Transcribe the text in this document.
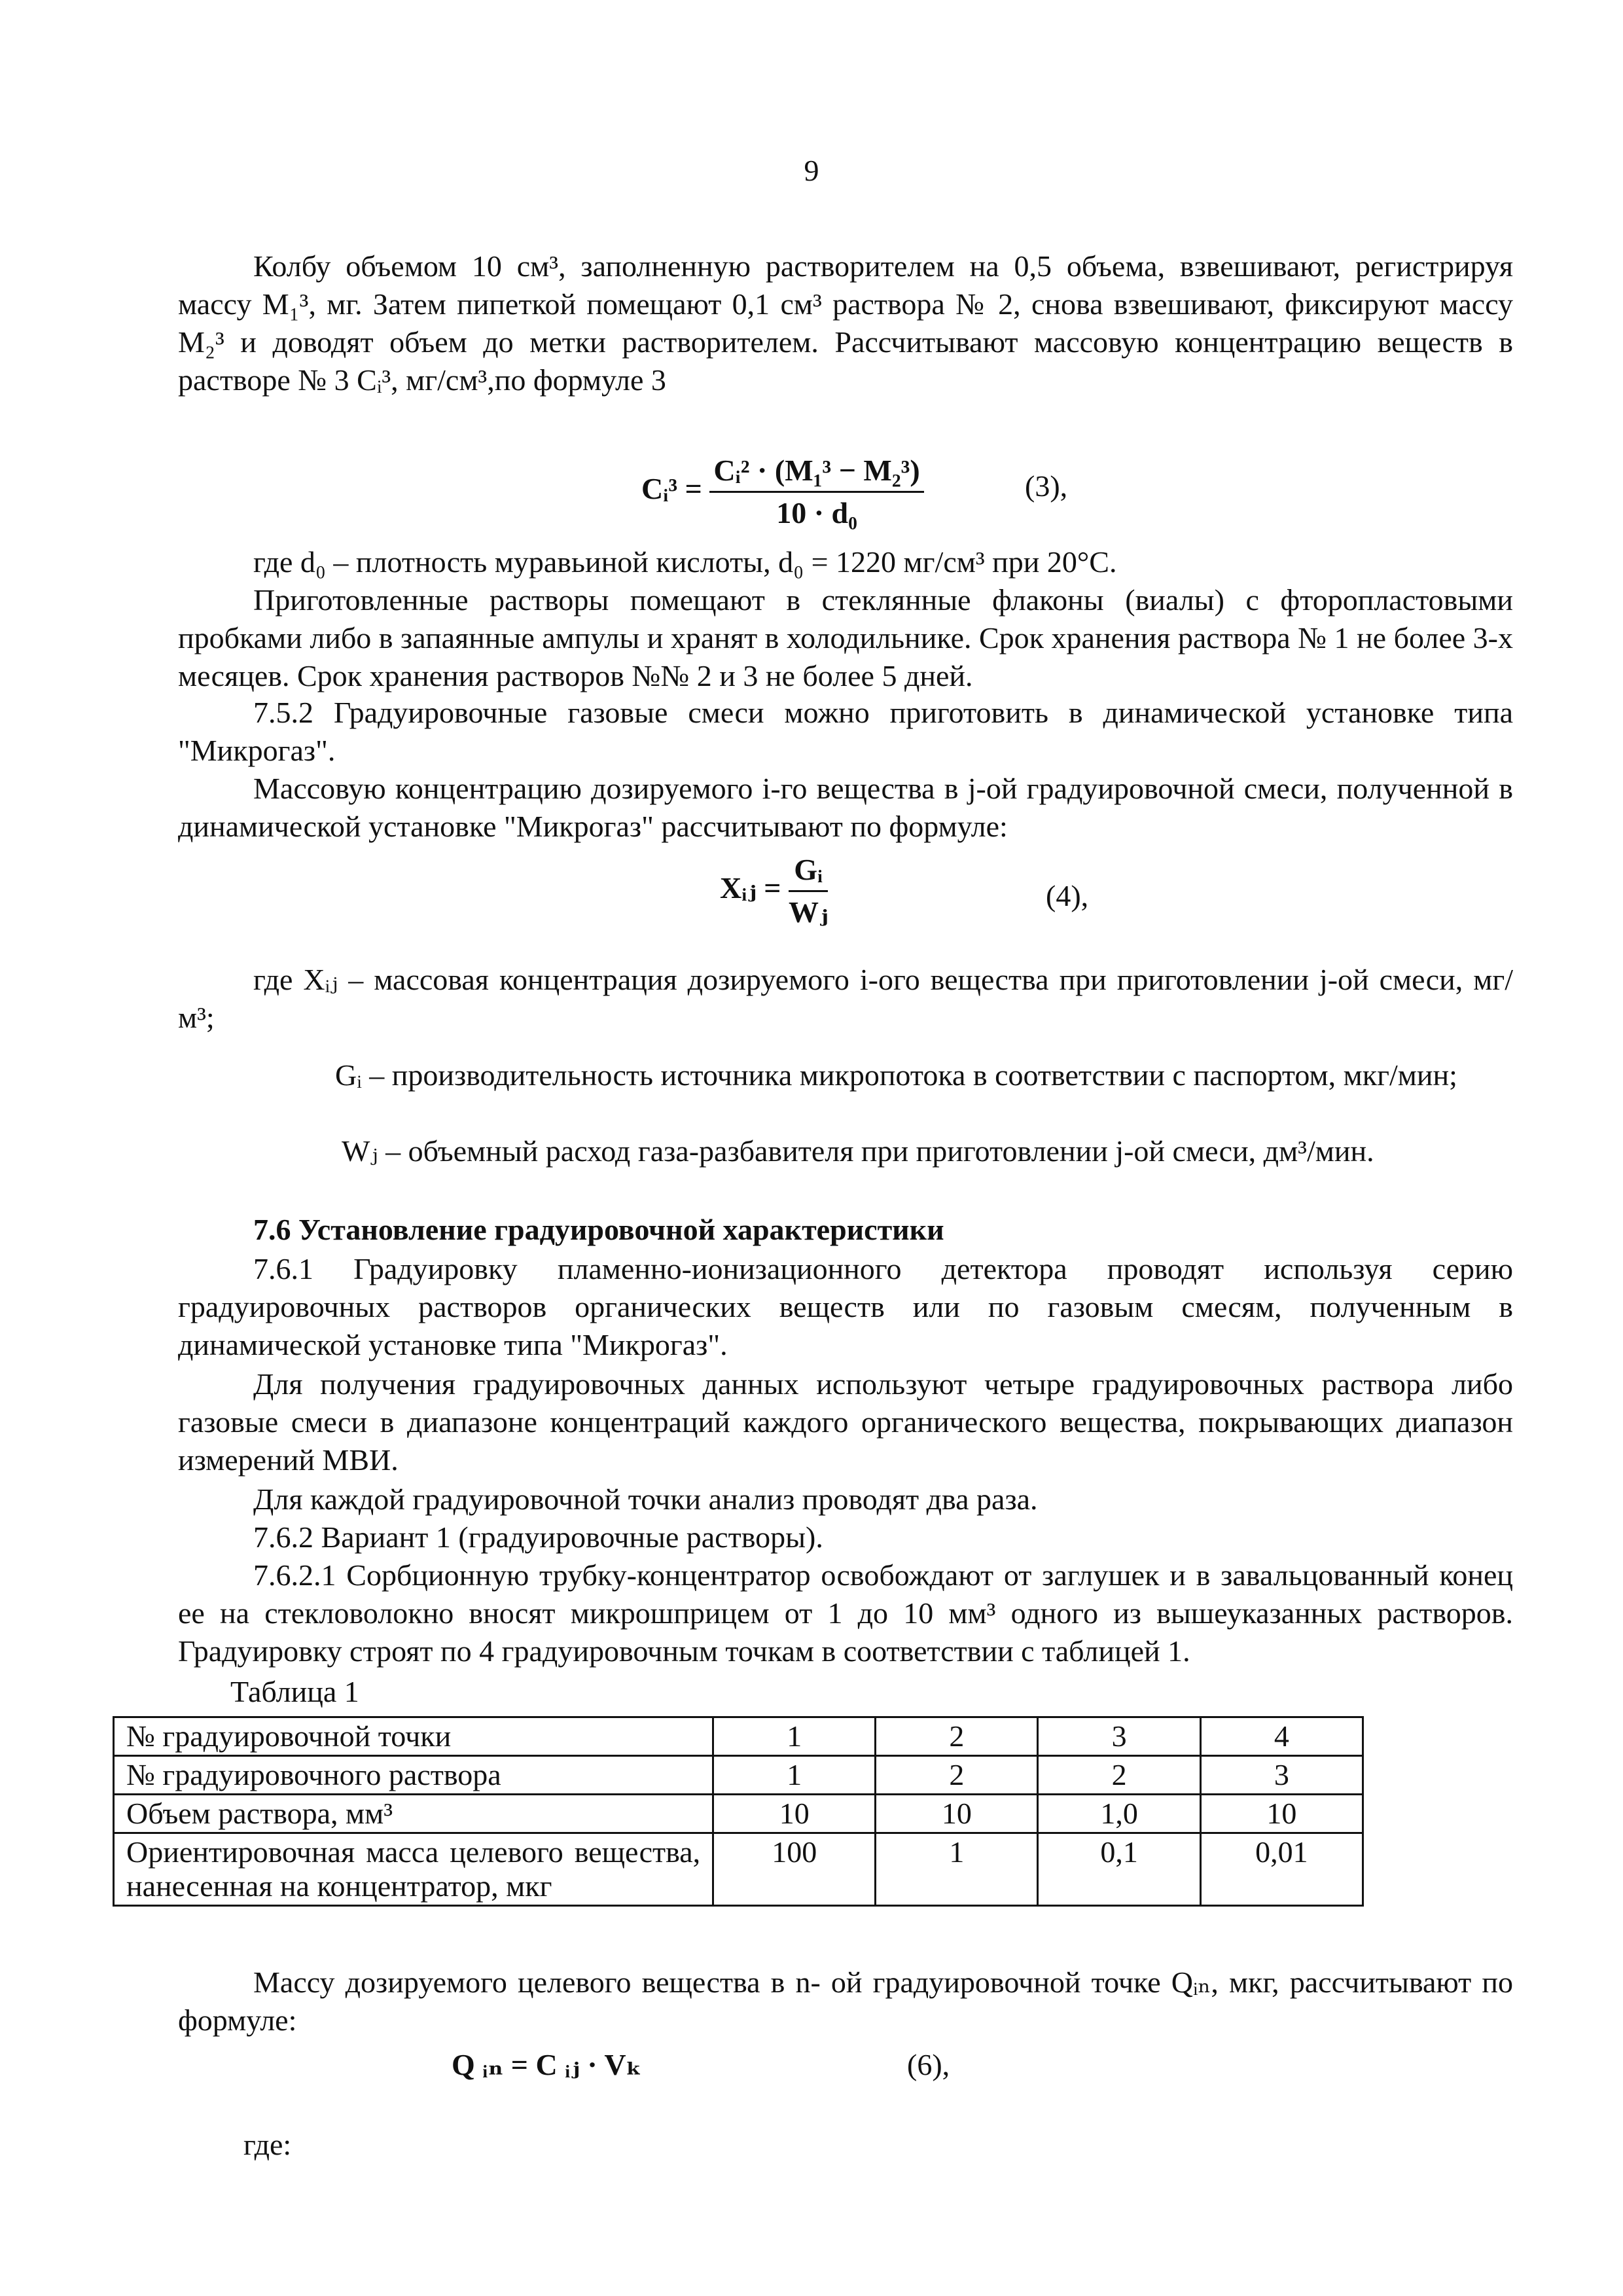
9

Колбу объемом 10 см³, заполненную растворителем на 0,5 объема, взвешивают, регистрируя массу M₁³, мг. Затем пипеткой помещают 0,1 см³ раствора № 2, снова взвешивают, фиксируют массу M₂³ и доводят объем до метки растворителем. Рассчитывают массовую концентрацию веществ в растворе № 3 Cᵢ³, мг/см³,по формуле 3

Cᵢ³ = $\frac{\text{Cᵢ² · (M₁³ − M₂³)}}{\text{10 · d₀}}$	(3),

где d₀ – плотность муравьиной кислоты, d₀ = 1220 мг/см³ при 20°С.

Приготовленные растворы помещают в стеклянные флаконы (виалы) с фторопластовыми пробками либо в запаянные ампулы и хранят в холодильнике. Срок хранения раствора № 1 не более 3-х месяцев. Срок хранения растворов №№ 2 и 3 не более 5 дней.

7.5.2 Градуировочные газовые смеси можно приготовить в динамической установке типа "Микрогаз".

Массовую концентрацию дозируемого i-го вещества в j-ой градуировочной смеси, полученной в динамической установке "Микрогаз" рассчитывают по формуле:

Xᵢⱼ = $\frac{\text{Gᵢ}}{\text{Wⱼ}}$	(4),

где Xᵢⱼ – массовая концентрация дозируемого i-ого вещества при приготовлении j-ой смеси, мг/м³;

Gᵢ – производительность источника микропотока в соответствии с паспортом, мкг/мин;

Wⱼ – объемный расход газа-разбавителя при приготовлении j-ой смеси, дм³/мин.

7.6 Установление градуировочной характеристики

7.6.1 Градуировку пламенно-ионизационного детектора проводят используя серию градуировочных растворов органических веществ или по газовым смесям, полученным в динамической установке типа "Микрогаз".

Для получения градуировочных данных используют четыре градуировочных раствора либо газовые смеси в диапазоне концентраций каждого органического вещества, покрывающих диапазон измерений МВИ.

Для каждой градуировочной точки анализ проводят два раза.

7.6.2 Вариант 1 (градуировочные растворы).

7.6.2.1 Сорбционную трубку-концентратор освобождают от заглушек и в завальцованный конец ее на стекловолокно вносят микрошприцем от 1 до 10 мм³ одного из вышеуказанных растворов. Градуировку строят по 4 градуировочным точкам в соответствии с таблицей 1.

Таблица 1
№ градуировочной точки	1	2	3	4
№ градуировочного раствора	1	2	2	3
Объем раствора, мм³	10	10	1,0	10
Ориентировочная масса целевого вещества, нанесенная на концентратор, мкг	100	1	0,1	0,01

Массу дозируемого целевого вещества в n- ой градуировочной точке Qᵢₙ, мкг, рассчитывают по формуле:

Q ᵢₙ = C ᵢⱼ · Vₖ	(6),
где:
